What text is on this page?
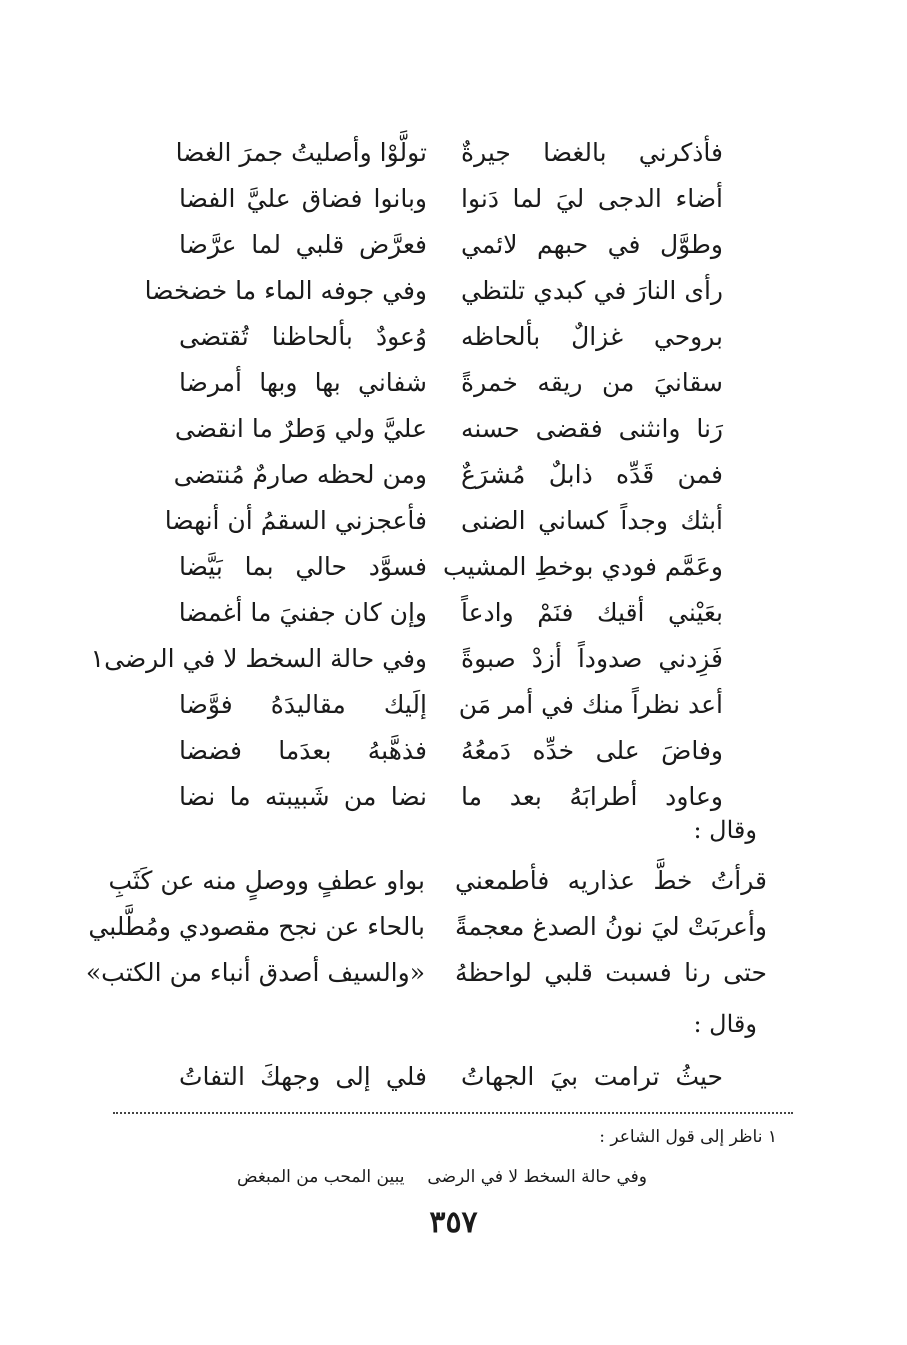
فأذكرني بالغضا جيرةٌ
تولَّوْا وأصليتُ جمرَ الغضا
أضاء الدجى ليَ لما دَنوا
وبانوا فضاق عليَّ الفضا
وطوَّل في حبهم لائمي
فعرَّض قلبي لما عرَّضا
رأى النارَ في كبدي تلتظي
وفي جوفه الماء ما خضخضا
بروحي غزالٌ بألحاظه
وُعودٌ بألحاظنا تُقتضى
سقانيَ من ريقه خمرةً
شفاني بها وبها أمرضا
رَنا وانثنى فقضى حسنه
عليَّ ولي وَطرٌ ما انقضى
فمن قَدِّه ذابلٌ مُشرَعٌ
ومن لحظه صارمٌ مُنتضى
أبثك وجداً كساني الضنى
فأعجزني السقمُ أن أنهضا
وعَمَّم فودي بوخطِ المشيب
فسوَّد حالي بما بَيَّضا
بعَيْني أقيك فنَمْ وادعاً
وإن كان جفنيَ ما أغمضا
فَزِدني صدوداً أزدْ صبوةً
وفي حالة السخط لا في الرضى١
أعد نظراً منك في أمر مَن
إلَيك مقاليدَهُ فوَّضا
وفاضَ على خدِّه دَمعُهُ
فذهَّبهُ بعدَما فضضا
وعاود أطرابَهُ بعد ما
نضا من شَبيبته ما نضا
وقال :
قرأتُ خطَّ عذاريه فأطمعني
بواو عطفٍ ووصلٍ منه عن كَثَبِ
وأعربَتْ ليَ نونُ الصدغ معجمةً
بالحاء عن نجح مقصودي ومُطَّلبي
حتى رنا فسبت قلبي لواحظهُ
«والسيف أصدق أنباء من الكتب»
وقال :
حيثُ ترامت بيَ الجهاتُ
فلي إلى وجهكَ التفاتُ
١ ناظر إلى قول الشاعر :
وفي حالة السخط لا في الرضى
يبين المحب من المبغض
٣٥٧
